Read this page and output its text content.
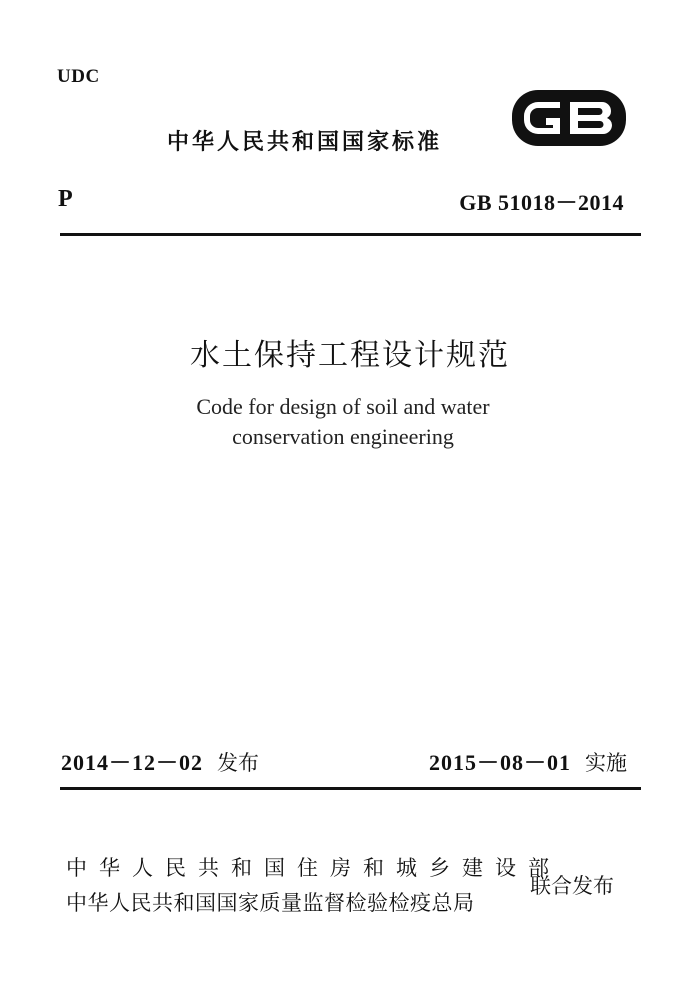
UDC
中华人民共和国国家标准
P	GB 51018－2014
水土保持工程设计规范
Code for design of soil and water
conservation engineering
2014－12－02 发布	2015－08－01 实施
中华人民共和国住房和城乡建设部
中华人民共和国国家质量监督检验检疫总局
联合发布
